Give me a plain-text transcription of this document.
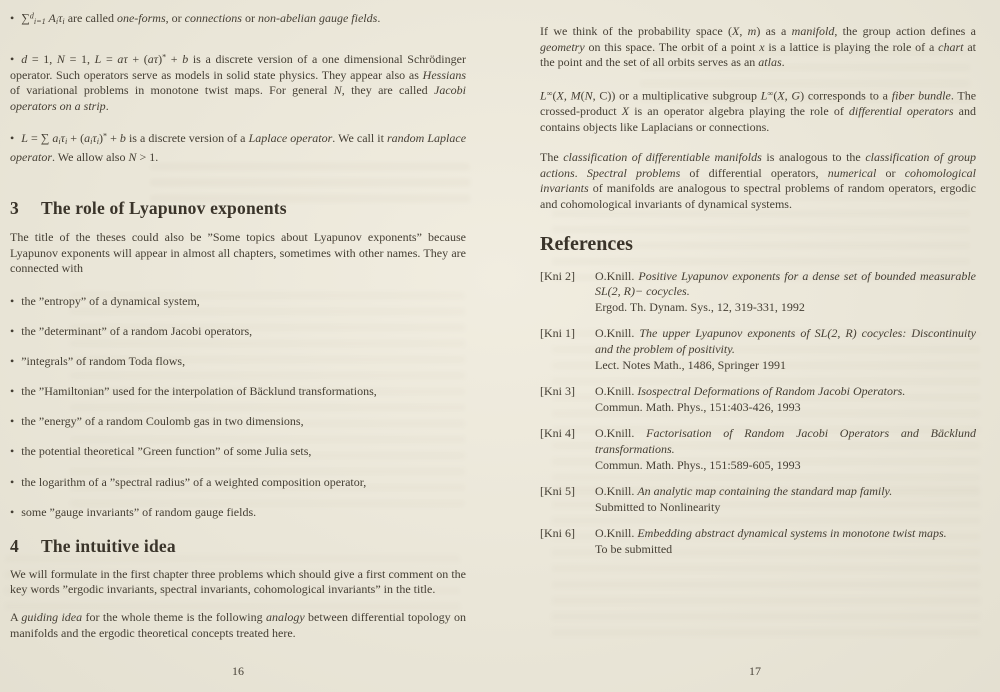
• ∑$^d$i=1 Aiτi are called one-forms, or connections or non-abelian gauge fields.

• d = 1, N = 1, L = aτ + (aτ)* + b is a discrete version of a one dimensional Schrödinger operator. Such operators serve as models in solid state physics. They appear also as Hessians of variational problems in monotone twist maps. For general N, they are called Jacobi operators on a strip.

• L = ∑ aiτi + (aiτi)* + b is a discrete version of a Laplace operator. We call it random Laplace operator. We allow also N > 1.

3 The role of Lyapunov exponents

The title of the theses could also be ”Some topics about Lyapunov exponents” because Lyapunov exponents will appear in almost all chapters, sometimes with other names. They are connected with

• the ”entropy” of a dynamical system,

• the ”determinant” of a random Jacobi operators,

• ”integrals” of random Toda flows,

• the ”Hamiltonian” used for the interpolation of Bäcklund transformations,

• the ”energy” of a random Coulomb gas in two dimensions,

• the potential theoretical ”Green function” of some Julia sets,

• the logarithm of a ”spectral radius” of a weighted composition operator,

• some ”gauge invariants” of random gauge fields.

4 The intuitive idea

We will formulate in the first chapter three problems which should give a first comment on the key words ”ergodic invariants, spectral invariants, cohomological invariants” in the title.

A guiding idea for the whole theme is the following analogy between differential topology on manifolds and the ergodic theoretical concepts treated here.

16

If we think of the probability space (X, m) as a manifold, the group action defines a geometry on this space. The orbit of a point x is a lattice is playing the role of a chart at the point and the set of all orbits serves as an atlas.

L∞(X, M(N, C)) or a multiplicative subgroup L∞(X, G) corresponds to a fiber bundle. The crossed-product X is an operator algebra playing the role of differential operators and contains objects like Laplacians or connections.

The classification of differentiable manifolds is analogous to the classification of group actions. Spectral problems of differential operators, numerical or cohomological invariants of manifolds are analogous to spectral problems of random operators, ergodic and cohomological invariants of dynamical systems.

References
[Kni 2]	O.Knill. Positive Lyapunov exponents for a dense set of bounded measurable SL(2, R)− cocycles.
Ergod. Th. Dynam. Sys., 12, 319-331, 1992
[Kni 1]	O.Knill. The upper Lyapunov exponents of SL(2, R) cocycles: Discontinuity and the problem of positivity.
Lect. Notes Math., 1486, Springer 1991
[Kni 3]	O.Knill. Isospectral Deformations of Random Jacobi Operators.
Commun. Math. Phys., 151:403-426, 1993
[Kni 4]	O.Knill. Factorisation of Random Jacobi Operators and Bäcklund transformations.
Commun. Math. Phys., 151:589-605, 1993
[Kni 5]	O.Knill. An analytic map containing the standard map family.
Submitted to Nonlinearity
[Kni 6]	O.Knill. Embedding abstract dynamical systems in monotone twist maps.
To be submitted
17
